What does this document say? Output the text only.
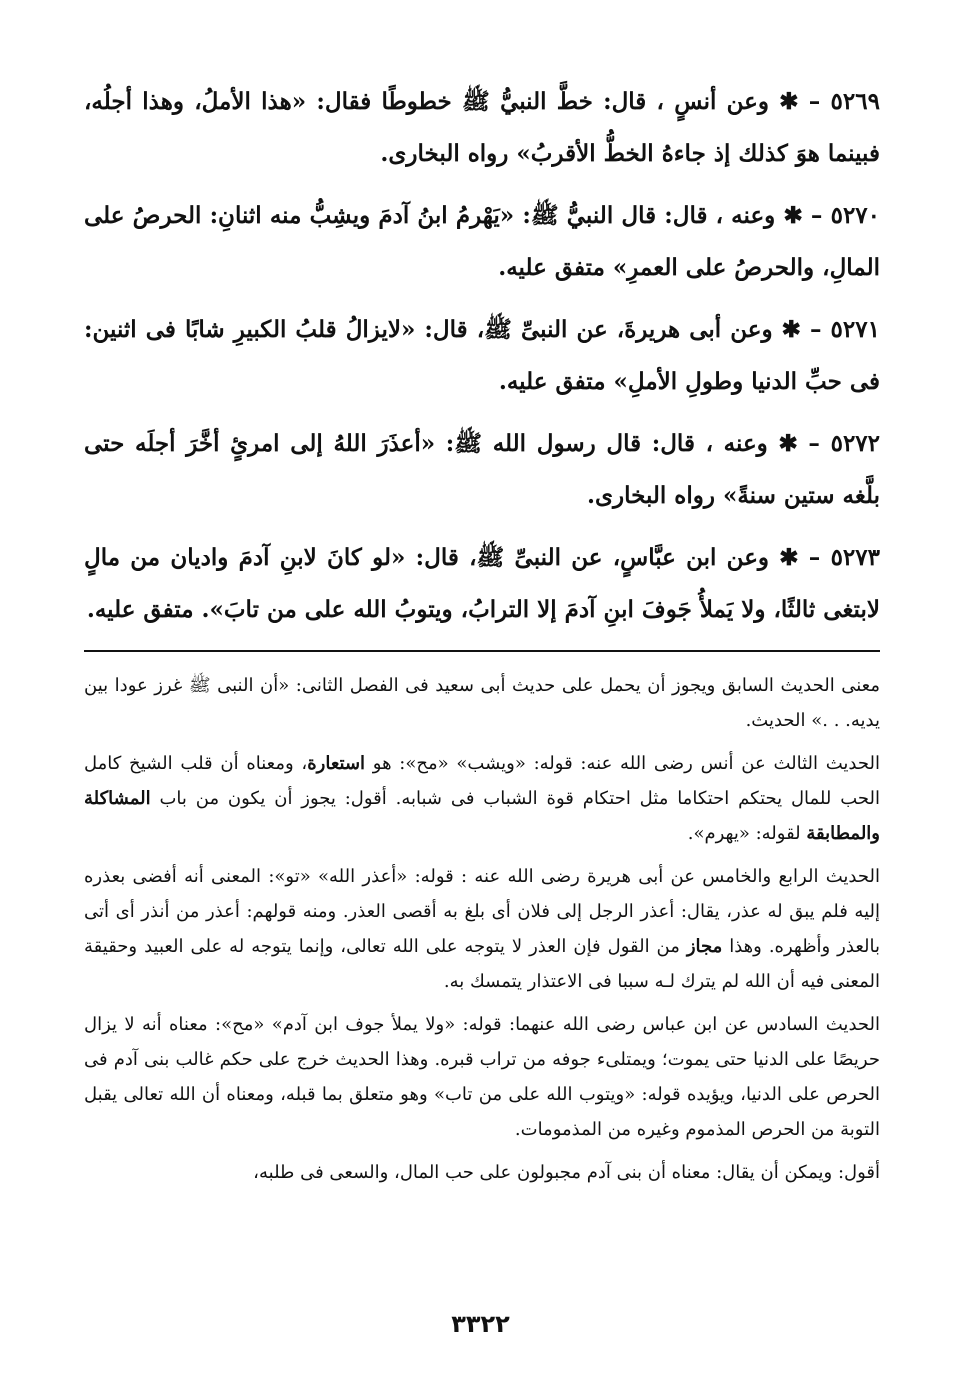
٥٢٦٩ – ✱ وعن أنسٍ ، قال: خطَّ النبيُّ ﷺ خطوطًا فقال: «هذا الأملُ، وهذا أجلُه، فبينما هوَ كذلك إذ جاءهُ الخطُّ الأقربُ» رواه البخارى.

٥٢٧٠ – ✱ وعنه ، قال: قال النبيُّ ﷺ: «يَهْرمُ ابنُ آدمَ ويشِبُّ منه اثنانِ: الحرصُ على المالِ، والحرصُ على العمرِ» متفق عليه.

٥٢٧١ – ✱ وعن أبى هريرةَ، عن النبىِّ ﷺ، قال: «لايزالُ قلبُ الكبيرِ شابًا فى اثنين: فى حبِّ الدنيا وطولِ الأملِ» متفق عليه.

٥٢٧٢ – ✱ وعنه ، قال: قال رسول الله ﷺ: «أعذَرَ اللهُ إلى امرئٍ أخَّرَ أجلَه حتى بلَّغه ستين سنةً» رواه البخارى.

٥٢٧٣ – ✱ وعن ابن عبَّاسٍ، عن النبىِّ ﷺ، قال: «لو كانَ لابنِ آدمَ واديان من مالٍ لابتغى ثالثًا، ولا يَملأُ جَوفَ ابنِ آدمَ إلا الترابُ، ويتوبُ الله على من تابَ». متفق عليه.

معنى الحديث السابق ويجوز أن يحمل على حديث أبى سعيد فى الفصل الثانى: «أن النبى ﷺ غرز عودا بين يديه. . .» الحديث.

الحديث الثالث عن أنس رضى الله عنه: قوله: «ويشب» «مح»: هو استعارة، ومعناه أن قلب الشيخ كامل الحب للمال يحتكم احتكاما مثل احتكام قوة الشباب فى شبابه. أقول: يجوز أن يكون من باب المشاكلة والمطابقة لقوله: «يهرم».

الحديث الرابع والخامس عن أبى هريرة رضى الله عنه : قوله: «أعذر الله» «تو»: المعنى أنه أفضى بعذره إليه فلم يبق له عذر، يقال: أعذر الرجل إلى فلان أى بلغ به أقصى العذر. ومنه قولهم: أعذر من أنذر أى أتى بالعذر وأظهره. وهذا مجاز من القول فإن العذر لا يتوجه على الله تعالى، وإنما يتوجه له على العبيد وحقيقة المعنى فيه أن الله لم يترك لـه سببا فى الاعتذار يتمسك به.

الحديث السادس عن ابن عباس رضى الله عنهما: قوله: «ولا يملأ جوف ابن آدم» «مح»: معناه أنه لا يزال حريصًا على الدنيا حتى يموت؛ ويمتلىء جوفه من تراب قبره. وهذا الحديث خرج على حكم غالب بنى آدم فى الحرص على الدنيا، ويؤيده قوله: «ويتوب الله على من تاب» وهو متعلق بما قبله، ومعناه أن الله تعالى يقبل التوبة من الحرص المذموم وغيره من المذمومات.

أقول: ويمكن أن يقال: معناه أن بنى آدم مجبولون على حب المال، والسعى فى طلبه،

٣٣٢٢
